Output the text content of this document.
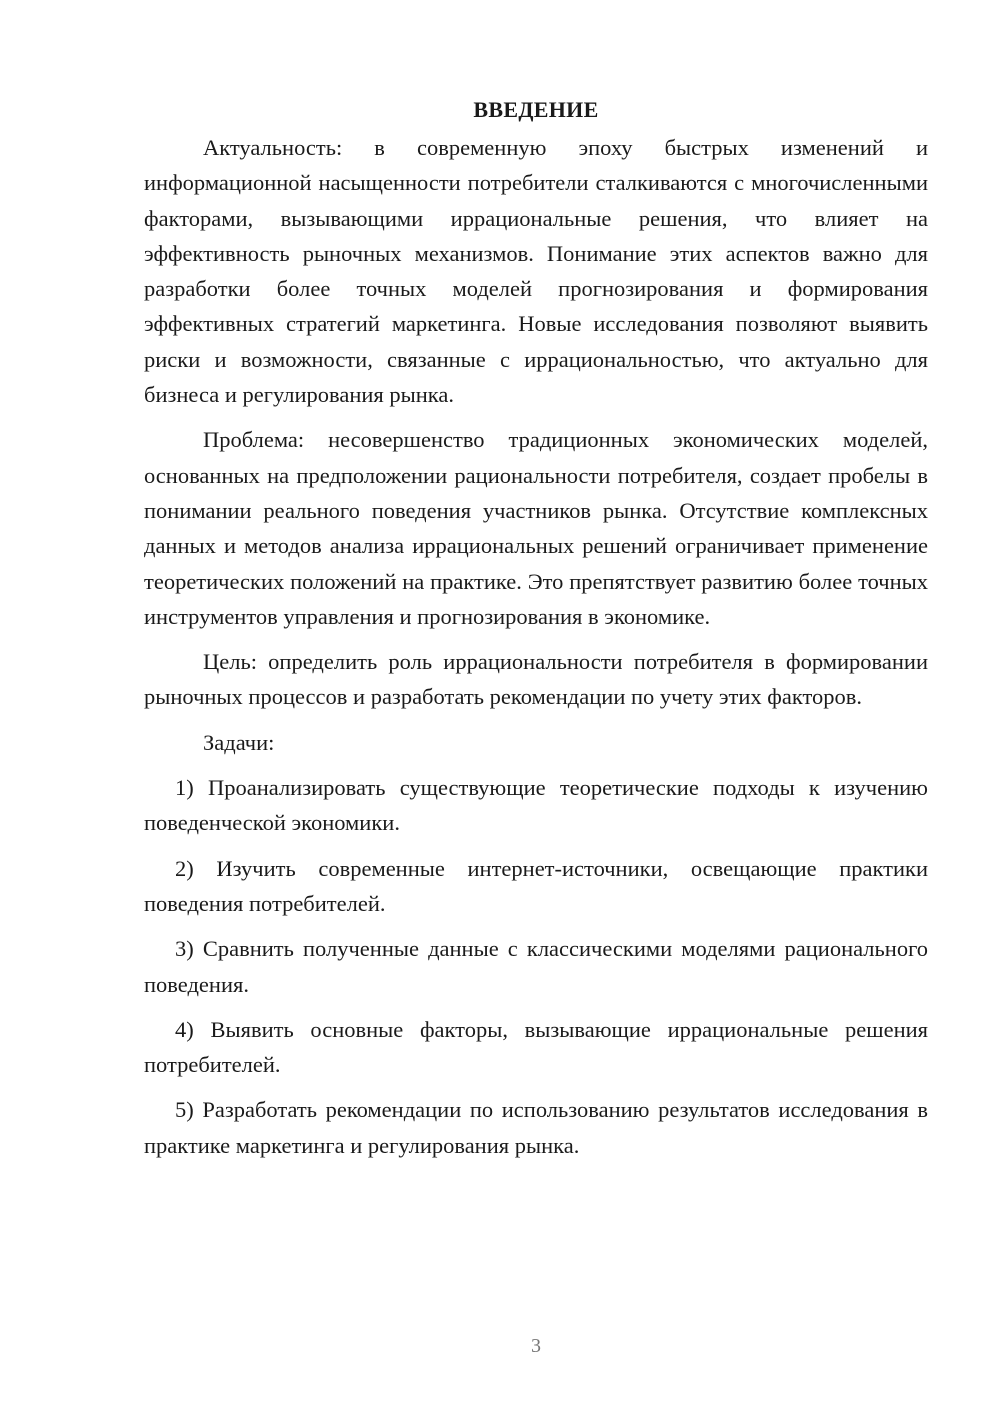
ВВЕДЕНИЕ

Актуальность: в современную эпоху быстрых изменений и информационной насыщенности потребители сталкиваются с многочисленными факторами, вызывающими иррациональные решения, что влияет на эффективность рыночных механизмов. Понимание этих аспектов важно для разработки более точных моделей прогнозирования и формирования эффективных стратегий маркетинга. Новые исследования позволяют выявить риски и возможности, связанные с иррациональностью, что актуально для бизнеса и регулирования рынка.

Проблема: несовершенство традиционных экономических моделей, основанных на предположении рациональности потребителя, создает пробелы в понимании реального поведения участников рынка. Отсутствие комплексных данных и методов анализа иррациональных решений ограничивает применение теоретических положений на практике. Это препятствует развитию более точных инструментов управления и прогнозирования в экономике.

Цель: определить роль иррациональности потребителя в формировании рыночных процессов и разработать рекомендации по учету этих факторов.

Задачи:

1) Проанализировать существующие теоретические подходы к изучению поведенческой экономики.

2) Изучить современные интернет-источники, освещающие практики поведения потребителей.

3) Сравнить полученные данные с классическими моделями рационального поведения.

4) Выявить основные факторы, вызывающие иррациональные решения потребителей.

5) Разработать рекомендации по использованию результатов исследования в практике маркетинга и регулирования рынка.

3
